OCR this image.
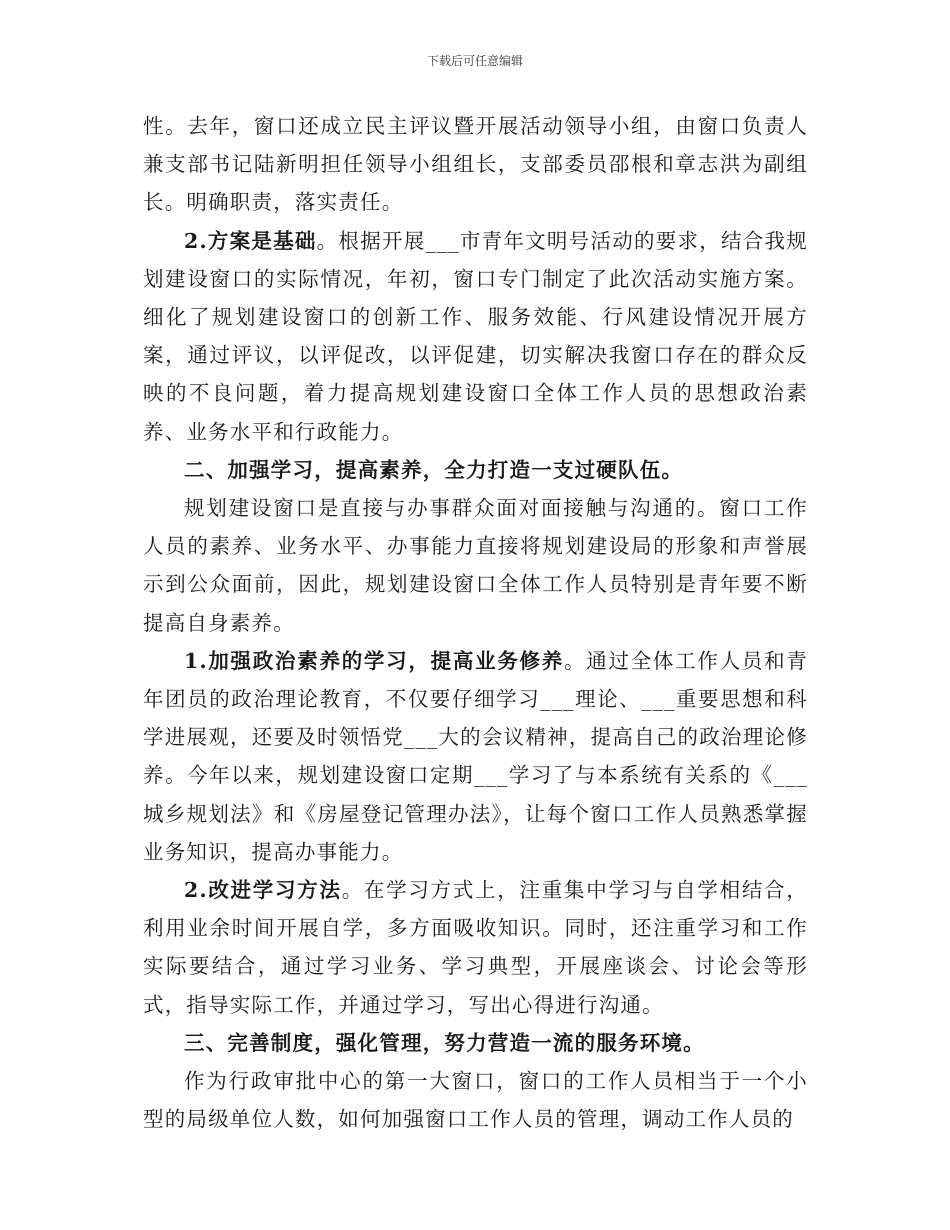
下载后可任意编辑

性。去年，窗口还成立民主评议暨开展活动领导小组，由窗口负责人兼支部书记陆新明担任领导小组组长，支部委员邵根和章志洪为副组长。明确职责，落实责任。

2.方案是基础。根据开展___市青年文明号活动的要求，结合我规划建设窗口的实际情况，年初，窗口专门制定了此次活动实施方案。细化了规划建设窗口的创新工作、服务效能、行风建设情况开展方案，通过评议，以评促改，以评促建，切实解决我窗口存在的群众反映的不良问题，着力提高规划建设窗口全体工作人员的思想政治素养、业务水平和行政能力。

二、加强学习，提高素养，全力打造一支过硬队伍。

规划建设窗口是直接与办事群众面对面接触与沟通的。窗口工作人员的素养、业务水平、办事能力直接将规划建设局的形象和声誉展示到公众面前，因此，规划建设窗口全体工作人员特别是青年要不断提高自身素养。

1.加强政治素养的学习，提高业务修养。通过全体工作人员和青年团员的政治理论教育，不仅要仔细学习___理论、___重要思想和科学进展观，还要及时领悟党___大的会议精神，提高自己的政治理论修养。今年以来，规划建设窗口定期___学习了与本系统有关系的《___城乡规划法》和《房屋登记管理办法》，让每个窗口工作人员熟悉掌握业务知识，提高办事能力。

2.改进学习方法。在学习方式上，注重集中学习与自学相结合，利用业余时间开展自学，多方面吸收知识。同时，还注重学习和工作实际要结合，通过学习业务、学习典型，开展座谈会、讨论会等形式，指导实际工作，并通过学习，写出心得进行沟通。

三、完善制度，强化管理，努力营造一流的服务环境。

作为行政审批中心的第一大窗口，窗口的工作人员相当于一个小型的局级单位人数，如何加强窗口工作人员的管理，调动工作人员的
